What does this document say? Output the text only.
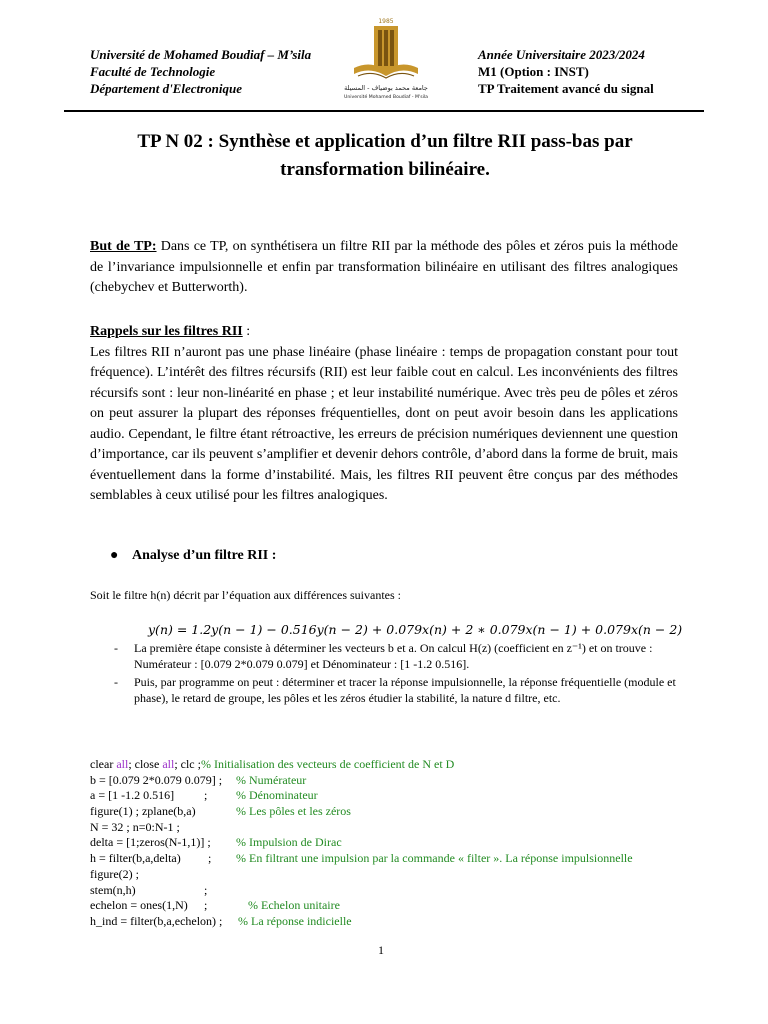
Université de Mohamed Boudiaf – M’sila
Faculté de Technologie
Département d'Electronique
1985
جامعة محمد بوضياف - المسيلة
Université Mohamed Boudiaf - M'sila
Année Universitaire 2023/2024
M1 (Option : INST)
TP Traitement avancé du signal
TP N 02 : Synthèse et application d’un filtre RII pass-bas par transformation bilinéaire.
But de TP: Dans ce TP, on synthétisera un filtre RII par la méthode des pôles et zéros puis la méthode de l’invariance impulsionnelle et enfin par transformation bilinéaire en utilisant des filtres analogiques (chebychev et Butterworth).
Rappels sur les filtres RII :
Les filtres RII n’auront pas une phase linéaire (phase linéaire : temps de propagation constant pour tout fréquence). L’intérêt des filtres récursifs (RII) est leur faible cout en calcul. Les inconvénients des filtres récursifs sont : leur non-linéarité en phase ; et leur instabilité numérique. Avec très peu de pôles et zéros on peut assurer la plupart des réponses fréquentielles, dont on peut avoir besoin dans les applications audio. Cependant, le filtre étant rétroactive, les erreurs de précision numériques deviennent une question d’importance, car ils peuvent s’amplifier et devenir dehors contrôle, d’abord dans la forme de bruit, mais éventuellement dans la forme d’instabilité. Mais, les filtres RII peuvent être conçus par des méthodes semblables à ceux utilisé pour les filtres analogiques.
● Analyse d’un filtre RII :
Soit le filtre h(n) décrit par l’équation aux différences suivantes :
y(n) = 1.2y(n − 1) − 0.516y(n − 2) + 0.079x(n) + 2 ∗ 0.079x(n − 1) + 0.079x(n − 2)
- La première étape consiste à déterminer les vecteurs b et a. On calcul H(z) (coefficient en z⁻¹) et on trouve : Numérateur : [0.079 2*0.079 0.079] et Dénominateur : [1 -1.2 0.516].
- Puis, par programme on peut : déterminer et tracer la réponse impulsionnelle, la réponse fréquentielle (module et phase), le retard de groupe, les pôles et les zéros étudier la stabilité, la nature d filtre, etc.
clear all; close all; clc ;% Initialisation des vecteurs de coefficient de N et D
b = [0.079 2*0.079 0.079] ; % Numérateur
a = [1 -1.2 0.516] ; % Dénominateur
figure(1) ; zplane(b,a)	% Les pôles et les zéros
N = 32 ; n=0:N-1 ;
delta = [1;zeros(N-1,1)] ; % Impulsion de Dirac
h = filter(b,a,delta) ; % En filtrant une impulsion par la commande « filter ». La réponse impulsionnelle
figure(2) ;
stem(n,h)	;
echelon = ones(1,N) ;	% Echelon unitaire
h_ind = filter(b,a,echelon) ; % La réponse indicielle
1
